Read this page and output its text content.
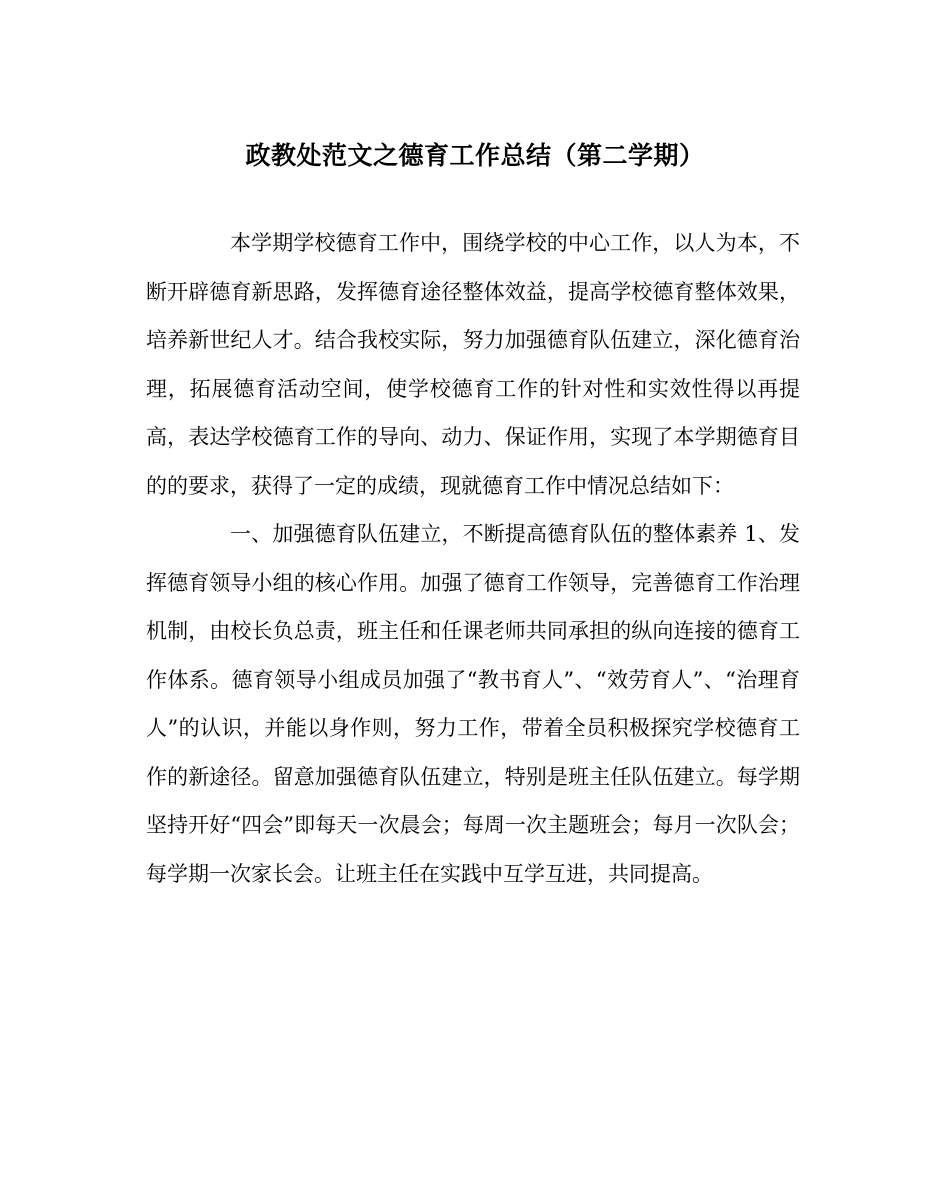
政教处范文之德育工作总结（第二学期）

本学期学校德育工作中，围绕学校的中心工作，以人为本，不断开辟德育新思路，发挥德育途径整体效益，提高学校德育整体效果，培养新世纪人才。结合我校实际，努力加强德育队伍建立，深化德育治理，拓展德育活动空间，使学校德育工作的针对性和实效性得以再提高，表达学校德育工作的导向、动力、保证作用，实现了本学期德育目的的要求，获得了一定的成绩，现就德育工作中情况总结如下：

一、加强德育队伍建立，不断提高德育队伍的整体素养 1、发挥德育领导小组的核心作用。加强了德育工作领导，完善德育工作治理机制，由校长负总责，班主任和任课老师共同承担的纵向连接的德育工作体系。德育领导小组成员加强了“教书育人”、“效劳育人”、“治理育人”的认识，并能以身作则，努力工作，带着全员积极探究学校德育工作的新途径。留意加强德育队伍建立，特别是班主任队伍建立。每学期坚持开好“四会”即每天一次晨会；每周一次主题班会；每月一次队会；每学期一次家长会。让班主任在实践中互学互进，共同提高。
